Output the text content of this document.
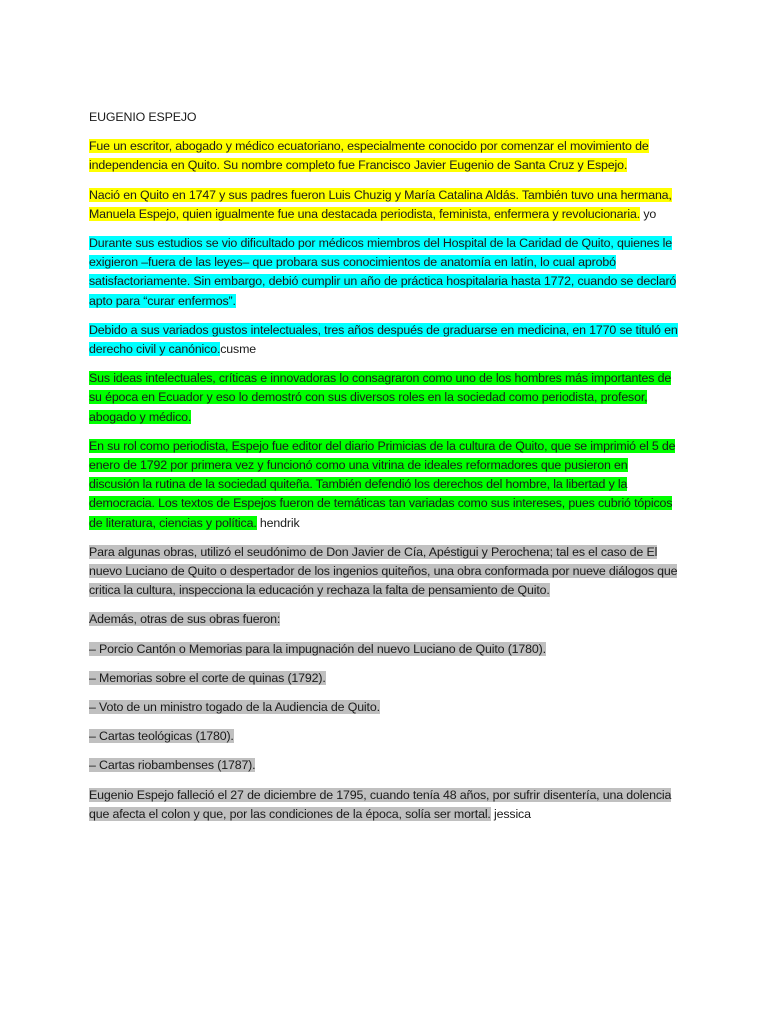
EUGENIO ESPEJO

Fue un escritor, abogado y médico ecuatoriano, especialmente conocido por comenzar el movimiento de independencia en Quito. Su nombre completo fue Francisco Javier Eugenio de Santa Cruz y Espejo.

Nació en Quito en 1747 y sus padres fueron Luis Chuzig y María Catalina Aldás. También tuvo una hermana, Manuela Espejo, quien igualmente fue una destacada periodista, feminista, enfermera y revolucionaria. yo

Durante sus estudios se vio dificultado por médicos miembros del Hospital de la Caridad de Quito, quienes le exigieron –fuera de las leyes– que probara sus conocimientos de anatomía en latín, lo cual aprobó satisfactoriamente. Sin embargo, debió cumplir un año de práctica hospitalaria hasta 1772, cuando se declaró apto para “curar enfermos”.

Debido a sus variados gustos intelectuales, tres años después de graduarse en medicina, en 1770 se tituló en derecho civil y canónico.cusme

Sus ideas intelectuales, críticas e innovadoras lo consagraron como uno de los hombres más importantes de su época en Ecuador y eso lo demostró con sus diversos roles en la sociedad como periodista, profesor, abogado y médico.

En su rol como periodista, Espejo fue editor del diario Primicias de la cultura de Quito, que se imprimió el 5 de enero de 1792 por primera vez y funcionó como una vitrina de ideales reformadores que pusieron en discusión la rutina de la sociedad quiteña. También defendió los derechos del hombre, la libertad y la democracia. Los textos de Espejos fueron de temáticas tan variadas como sus intereses, pues cubrió tópicos de literatura, ciencias y política. hendrik

Para algunas obras, utilizó el seudónimo de Don Javier de Cía, Apéstigui y Perochena; tal es el caso de El nuevo Luciano de Quito o despertador de los ingenios quiteños, una obra conformada por nueve diálogos que critica la cultura, inspecciona la educación y rechaza la falta de pensamiento de Quito.

Además, otras de sus obras fueron:

– Porcio Cantón o Memorias para la impugnación del nuevo Luciano de Quito (1780).

– Memorias sobre el corte de quinas (1792).

– Voto de un ministro togado de la Audiencia de Quito.

– Cartas teológicas (1780).

– Cartas riobambenses (1787).

Eugenio Espejo falleció el 27 de diciembre de 1795, cuando tenía 48 años, por sufrir disentería, una dolencia que afecta el colon y que, por las condiciones de la época, solía ser mortal. jessica
